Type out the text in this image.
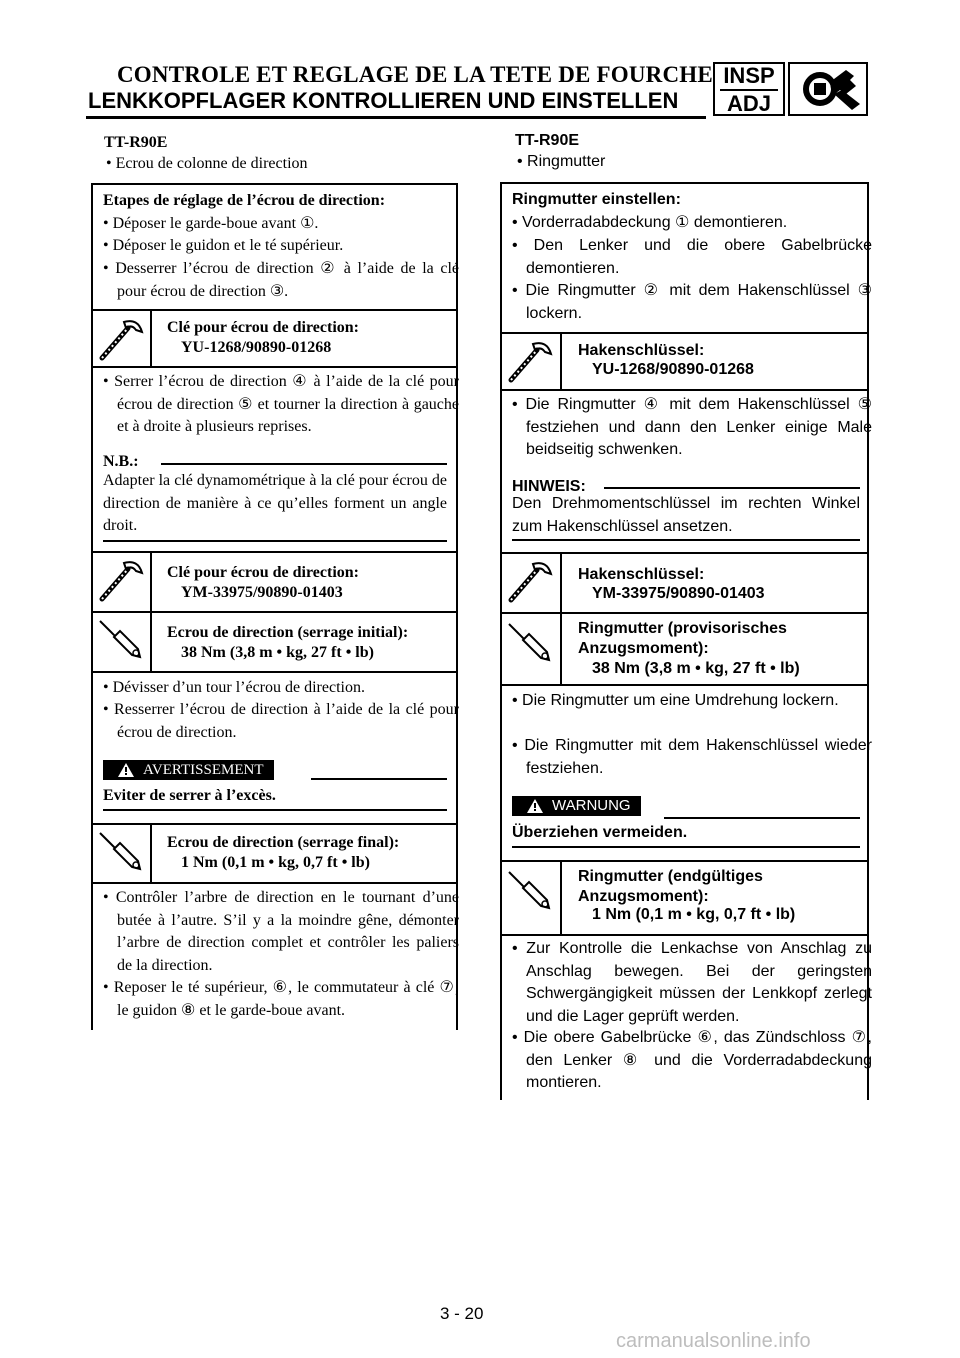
CONTROLE ET REGLAGE DE LA TETE DE FOURCHE
LENKKOPFLAGER KONTROLLIEREN UND EINSTELLEN
INSP
ADJ
TT-R90E
• Ecrou de colonne de direction
Etapes de réglage de l’écrou de direction:
• Déposer le garde-boue avant ①.
• Déposer le guidon et le té supérieur.
• Desserrer l’écrou de direction ② à l’aide de la clé pour écrou de direction ③.
Clé pour écrou de direction:
YU-1268/90890-01268
• Serrer l’écrou de direction ④ à l’aide de la clé pour écrou de direction ⑤ et tourner la direction à gauche et à droite à plusieurs reprises.
N.B.:
Adapter la clé dynamométrique à la clé pour écrou de direction de manière à ce qu’elles forment un angle droit.
Clé pour écrou de direction:
YM-33975/90890-01403
Ecrou de direction (serrage initial):
38 Nm (3,8 m • kg, 27 ft • lb)
• Dévisser d’un tour l’écrou de direction.
• Resserrer l’écrou de direction à l’aide de la clé pour écrou de direction.
AVERTISSEMENT
Eviter de serrer à l’excès.
Ecrou de direction (serrage final):
1 Nm (0,1 m • kg, 0,7 ft • lb)
• Contrôler l’arbre de direction en le tournant d’une butée à l’autre. S’il y a la moindre gêne, démonter l’arbre de direction complet et contrôler les paliers de la direction.
• Reposer le té supérieur, ⑥, le commutateur à clé ⑦, le guidon ⑧ et le garde-boue avant.
TT-R90E
• Ringmutter
Ringmutter einstellen:
• Vorderradabdeckung ① demontieren.
• Den Lenker und die obere Gabelbrücke demontieren.
• Die Ringmutter ② mit dem Hakenschlüssel ③ lockern.
Hakenschlüssel:
YU-1268/90890-01268
• Die Ringmutter ④ mit dem Hakenschlüssel ⑤ festziehen und dann den Lenker einige Male beidseitig schwenken.
HINWEIS:
Den Drehmomentschlüssel im rechten Winkel zum Hakenschlüssel ansetzen.
Hakenschlüssel:
YM-33975/90890-01403
Ringmutter (provisorisches Anzugsmoment):
38 Nm (3,8 m • kg, 27 ft • lb)
• Die Ringmutter um eine Umdrehung lockern.
• Die Ringmutter mit dem Hakenschlüssel wieder festziehen.
WARNUNG
Überziehen vermeiden.
Ringmutter (endgültiges Anzugsmoment):
1 Nm (0,1 m • kg, 0,7 ft • lb)
• Zur Kontrolle die Lenkachse von Anschlag zu Anschlag bewegen. Bei der geringsten Schwergängigkeit müssen der Lenkkopf zerlegt und die Lager geprüft werden.
• Die obere Gabelbrücke ⑥, das Zündschloss ⑦, den Lenker ⑧ und die Vorderradabdeckung montieren.
3 - 20
carmanualsonline.info
